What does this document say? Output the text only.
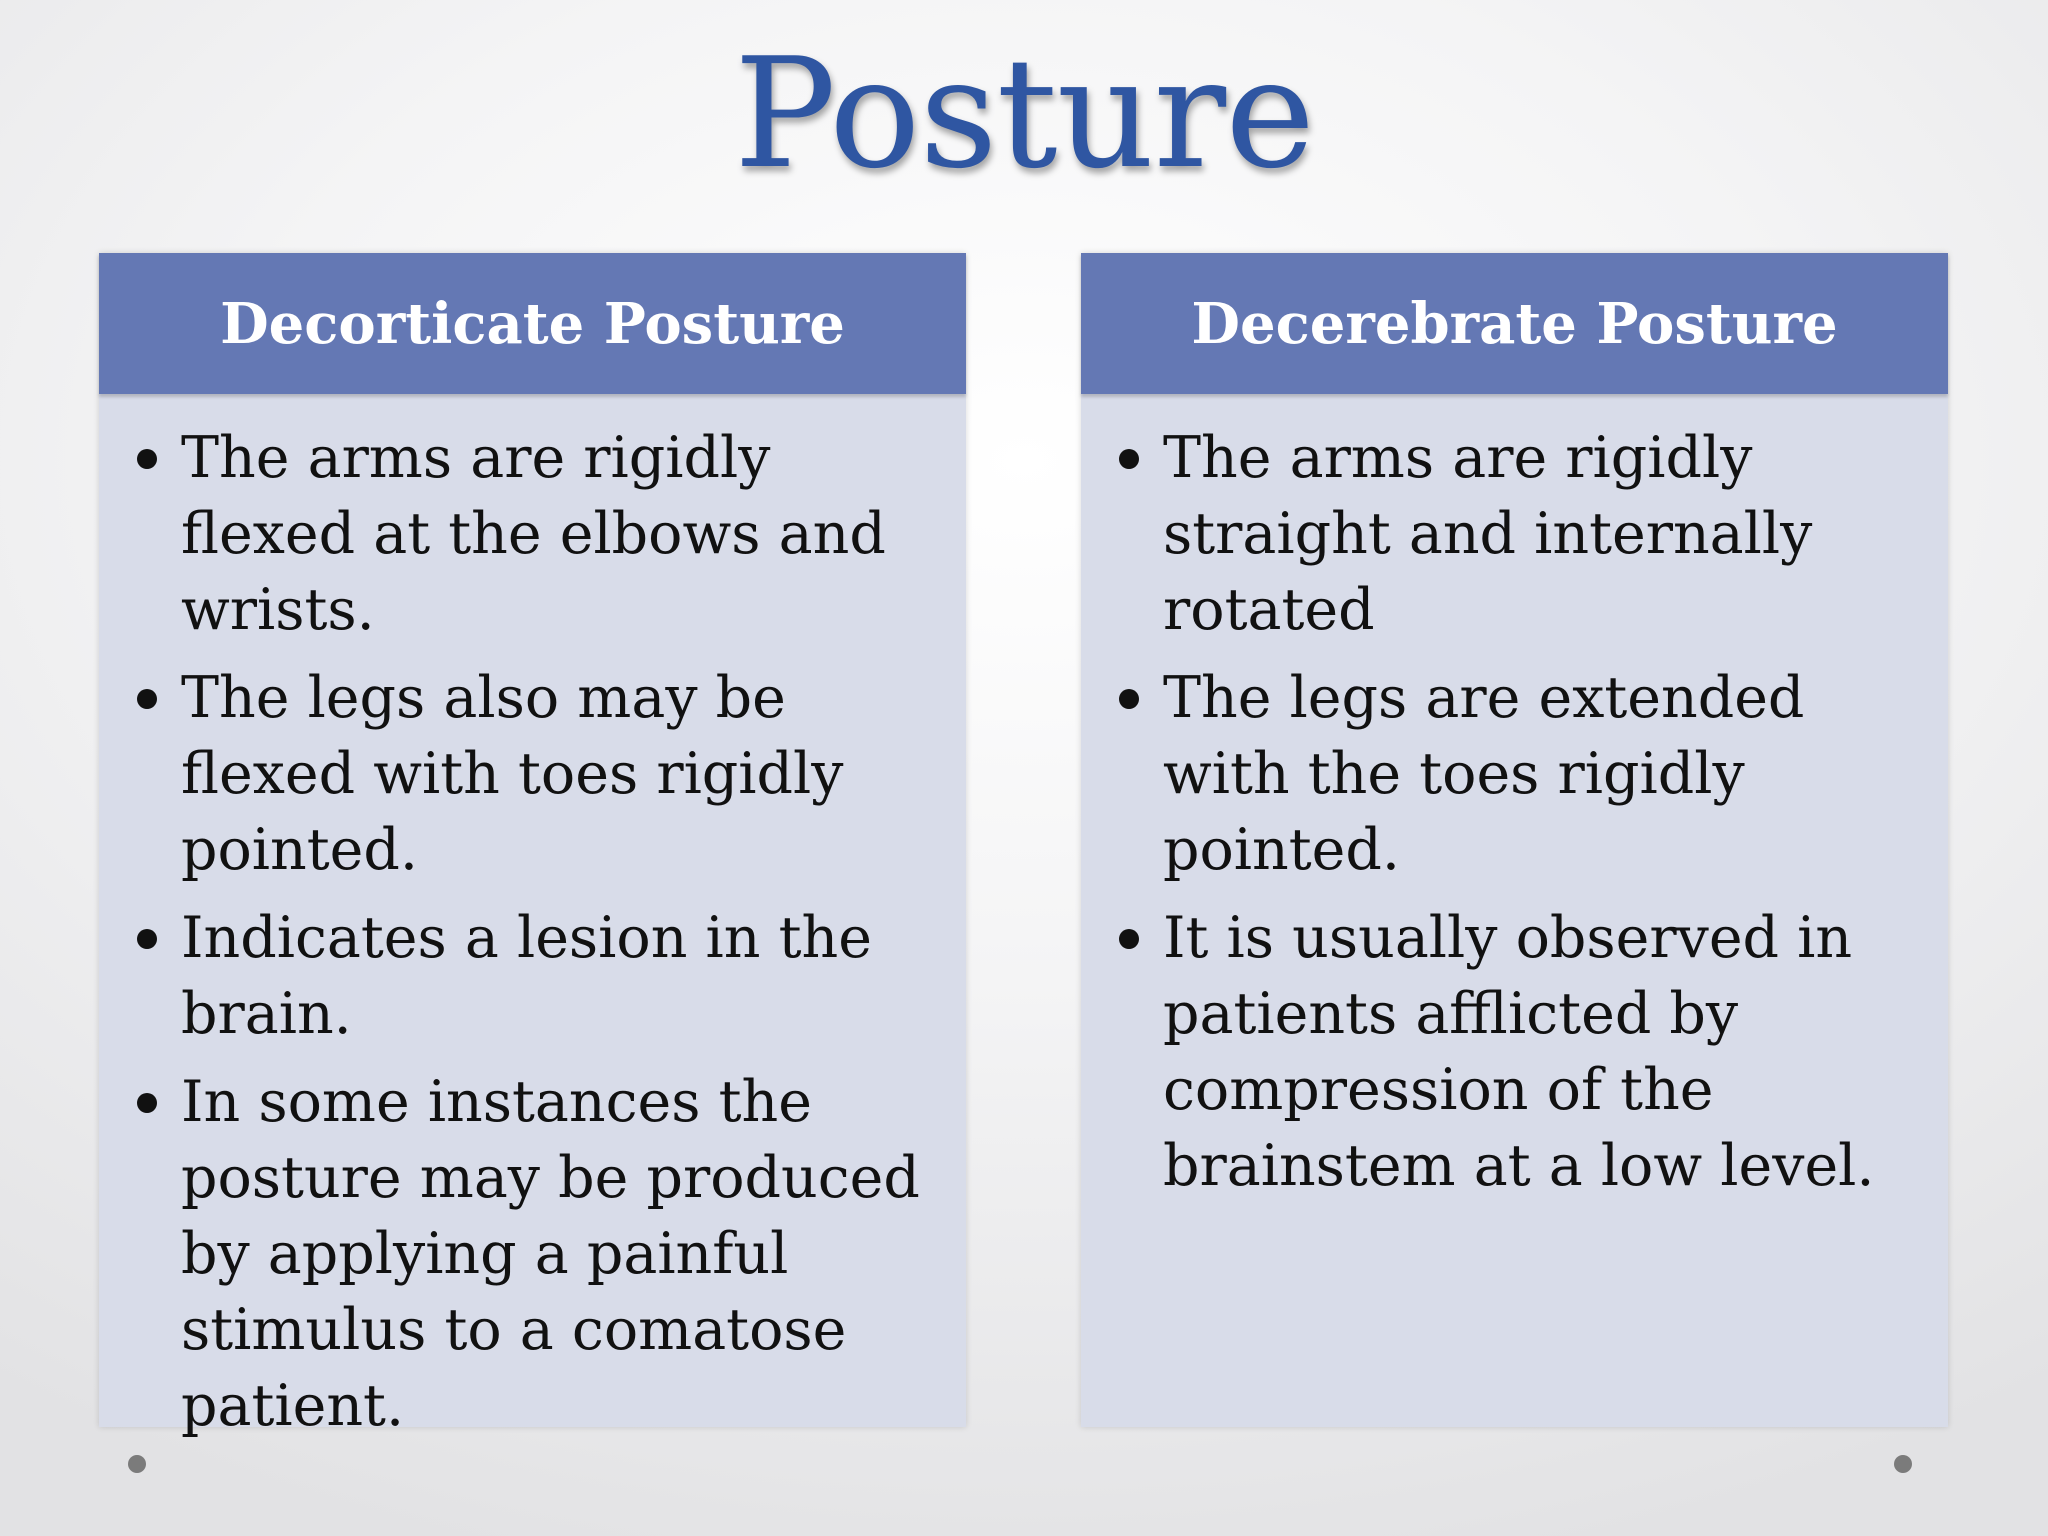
Posture
Decorticate Posture
The arms are rigidly flexed at the elbows and wrists.
The legs also may be flexed with toes rigidly pointed.
Indicates a lesion in the brain.
In some instances the posture may be produced by applying a painful stimulus to a comatose patient.
Decerebrate Posture
The arms are rigidly straight and internally rotated
The legs are extended with the toes rigidly pointed.
It is usually observed in patients afflicted by compression of the brainstem at a low level.
